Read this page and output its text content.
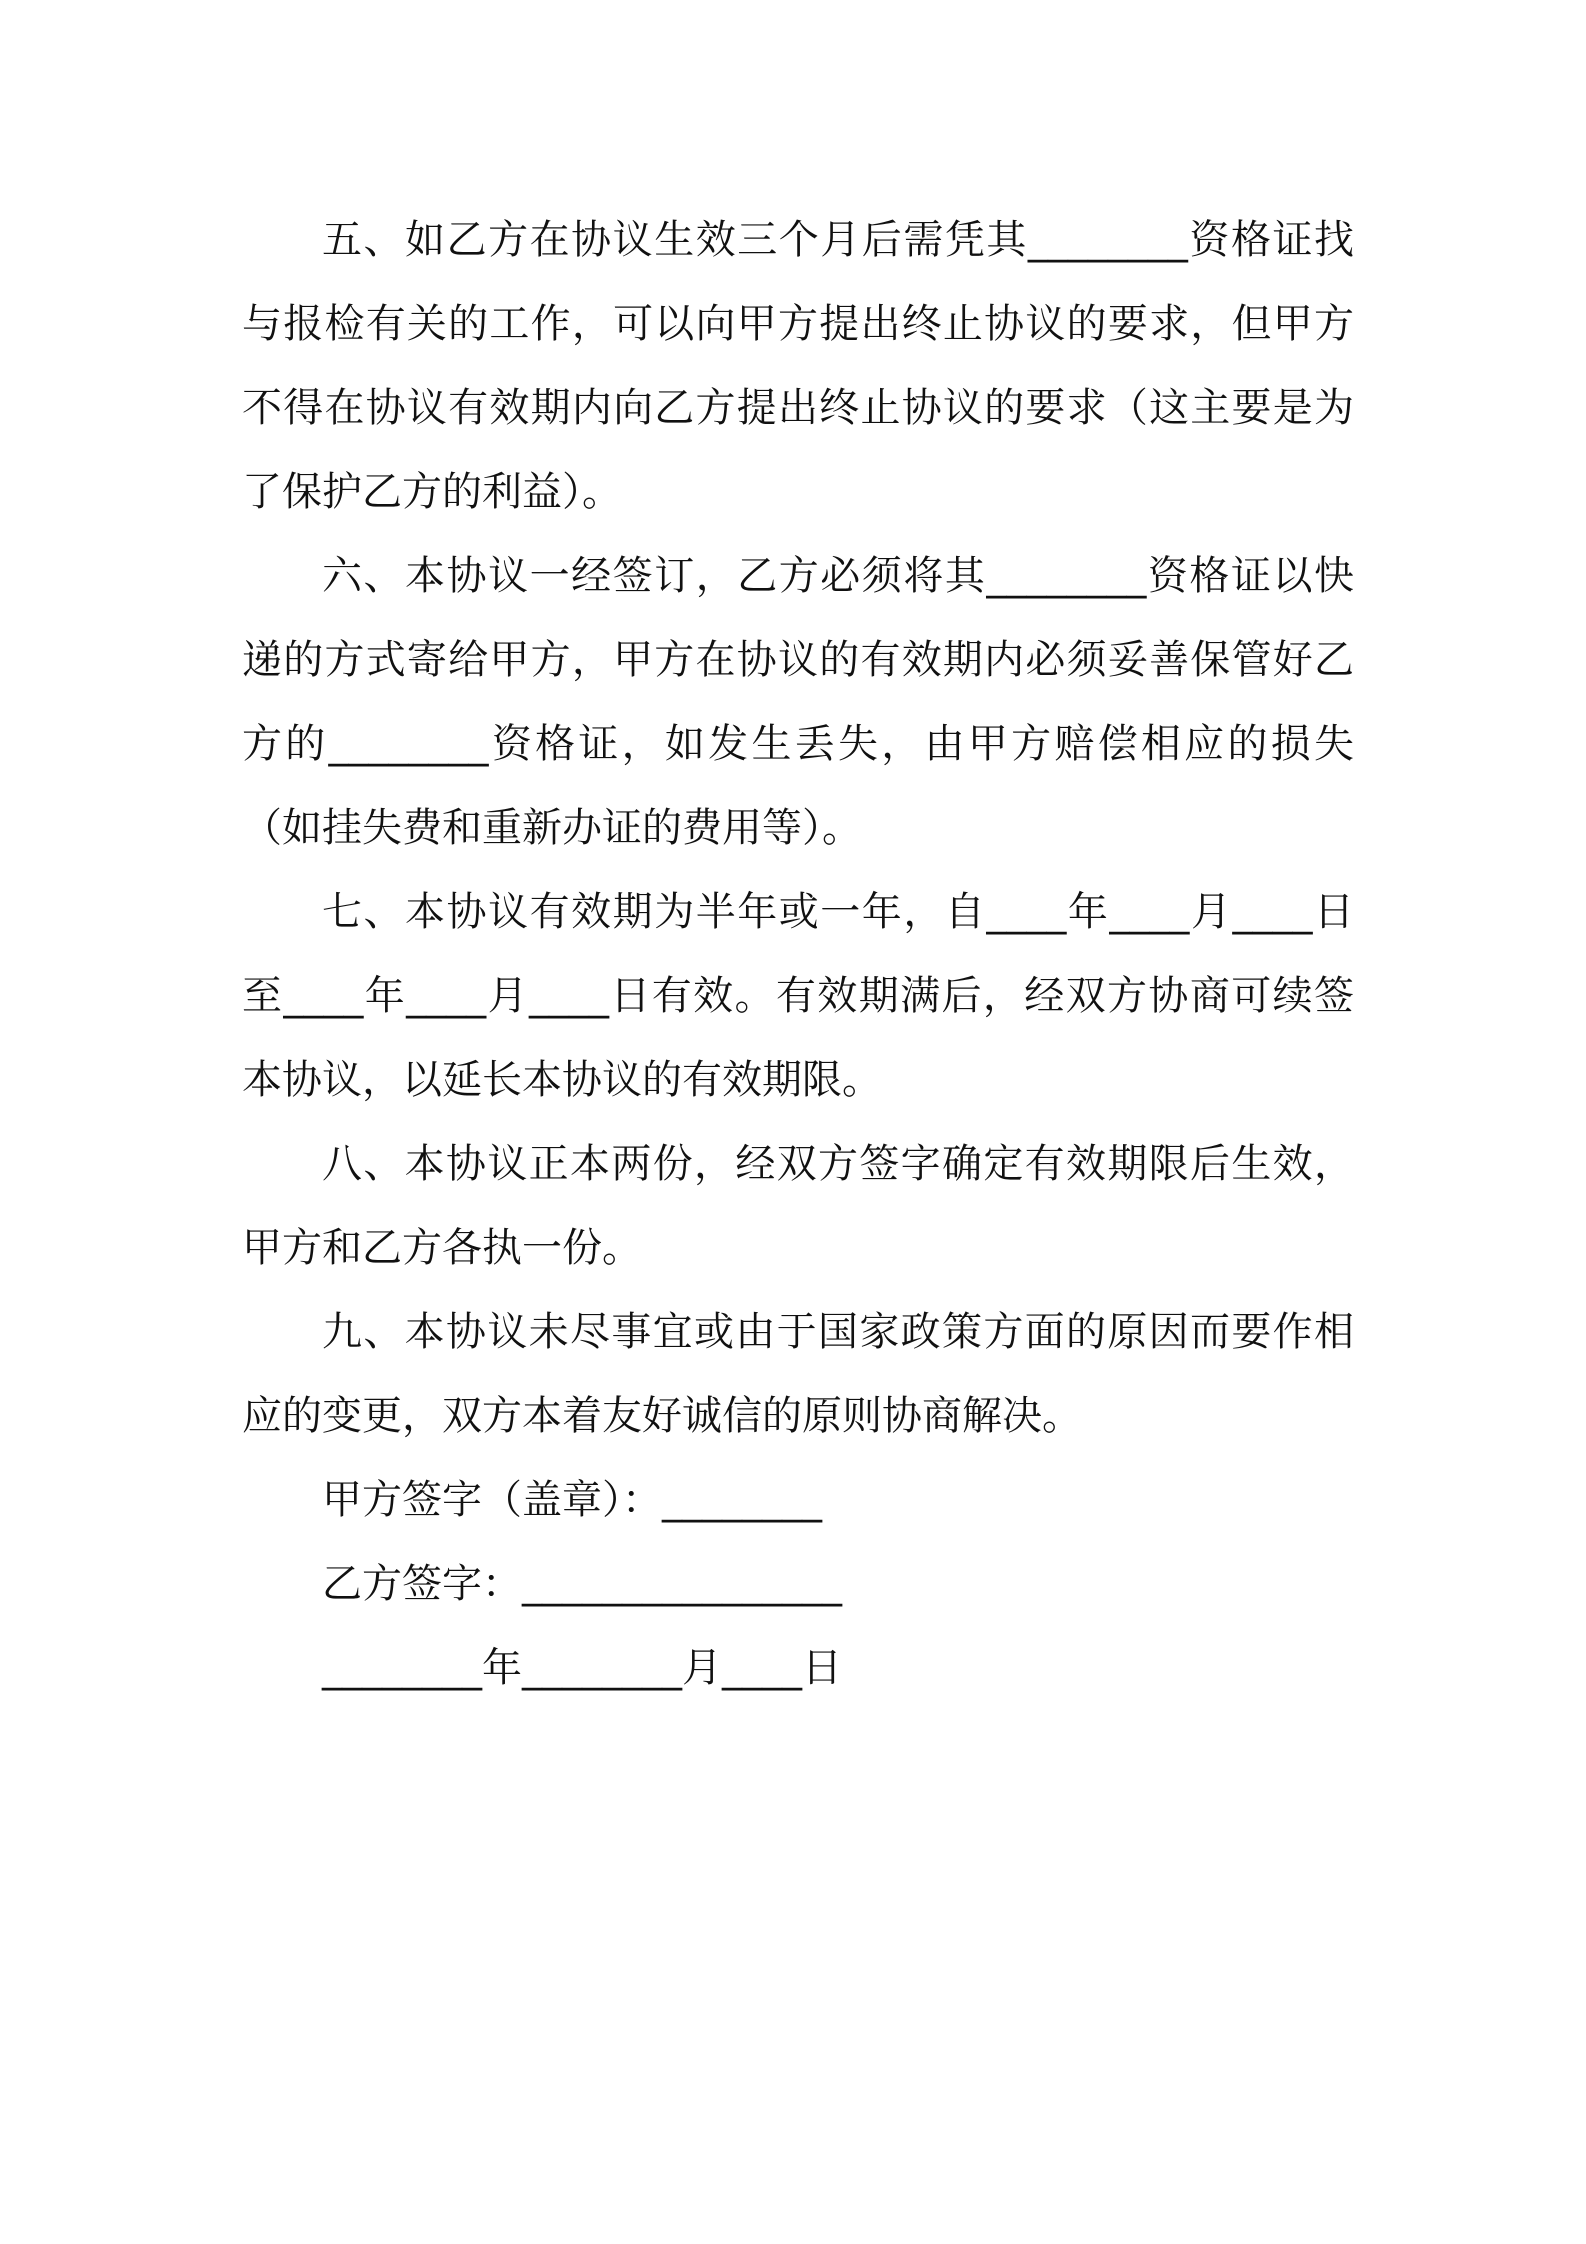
五、如乙方在协议生效三个月后需凭其________资格证找与报检有关的工作，可以向甲方提出终止协议的要求，但甲方不得在协议有效期内向乙方提出终止协议的要求（这主要是为了保护乙方的利益）。

六、本协议一经签订，乙方必须将其________资格证以快递的方式寄给甲方，甲方在协议的有效期内必须妥善保管好乙方的________资格证，如发生丢失，由甲方赔偿相应的损失（如挂失费和重新办证的费用等）。

七、本协议有效期为半年或一年，自____年____月____日至____年____月____日有效。有效期满后，经双方协商可续签本协议，以延长本协议的有效期限。

八、本协议正本两份，经双方签字确定有效期限后生效，甲方和乙方各执一份。

九、本协议未尽事宜或由于国家政策方面的原因而要作相应的变更，双方本着友好诚信的原则协商解决。

甲方签字（盖章）：________

乙方签字：________________

________年________月____日
